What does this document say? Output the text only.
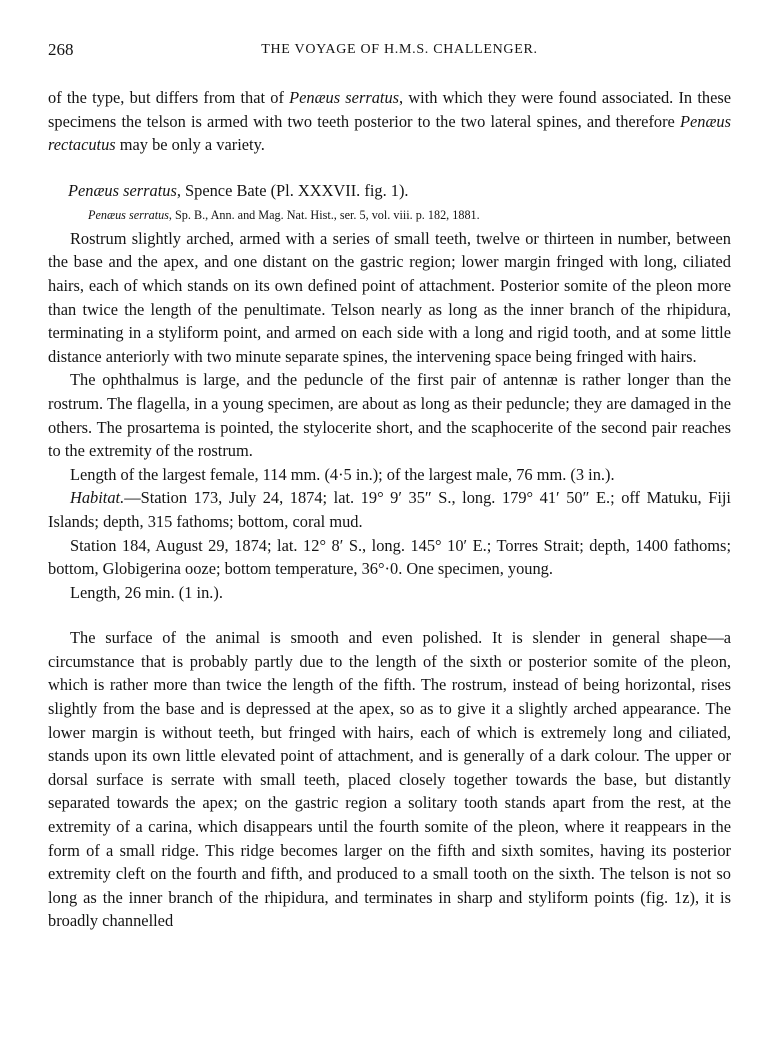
268	THE VOYAGE OF H.M.S. CHALLENGER.

of the type, but differs from that of Penæus serratus, with which they were found associated. In these specimens the telson is armed with two teeth posterior to the two lateral spines, and therefore Penæus rectacutus may be only a variety.

Penæus serratus, Spence Bate (Pl. XXXVII. fig. 1).
Penæus serratus, Sp. B., Ann. and Mag. Nat. Hist., ser. 5, vol. viii. p. 182, 1881.

Rostrum slightly arched, armed with a series of small teeth, twelve or thirteen in number, between the base and the apex, and one distant on the gastric region; lower margin fringed with long, ciliated hairs, each of which stands on its own defined point of attachment. Posterior somite of the pleon more than twice the length of the penultimate. Telson nearly as long as the inner branch of the rhipidura, terminating in a styliform point, and armed on each side with a long and rigid tooth, and at some little distance anteriorly with two minute separate spines, the intervening space being fringed with hairs.

The ophthalmus is large, and the peduncle of the first pair of antennæ is rather longer than the rostrum. The flagella, in a young specimen, are about as long as their peduncle; they are damaged in the others. The prosartema is pointed, the stylocerite short, and the scaphocerite of the second pair reaches to the extremity of the rostrum.

Length of the largest female, 114 mm. (4·5 in.); of the largest male, 76 mm. (3 in.).

Habitat.—Station 173, July 24, 1874; lat. 19° 9′ 35″ S., long. 179° 41′ 50″ E.; off Matuku, Fiji Islands; depth, 315 fathoms; bottom, coral mud.

Station 184, August 29, 1874; lat. 12° 8′ S., long. 145° 10′ E.; Torres Strait; depth, 1400 fathoms; bottom, Globigerina ooze; bottom temperature, 36°·0. One specimen, young.

Length, 26 min. (1 in.).

The surface of the animal is smooth and even polished. It is slender in general shape—a circumstance that is probably partly due to the length of the sixth or posterior somite of the pleon, which is rather more than twice the length of the fifth. The rostrum, instead of being horizontal, rises slightly from the base and is depressed at the apex, so as to give it a slightly arched appearance. The lower margin is without teeth, but fringed with hairs, each of which is extremely long and ciliated, stands upon its own little elevated point of attachment, and is generally of a dark colour. The upper or dorsal surface is serrate with small teeth, placed closely together towards the base, but distantly separated towards the apex; on the gastric region a solitary tooth stands apart from the rest, at the extremity of a carina, which disappears until the fourth somite of the pleon, where it reappears in the form of a small ridge. This ridge becomes larger on the fifth and sixth somites, having its posterior extremity cleft on the fourth and fifth, and produced to a small tooth on the sixth. The telson is not so long as the inner branch of the rhipidura, and terminates in sharp and styliform points (fig. 1z), it is broadly channelled
